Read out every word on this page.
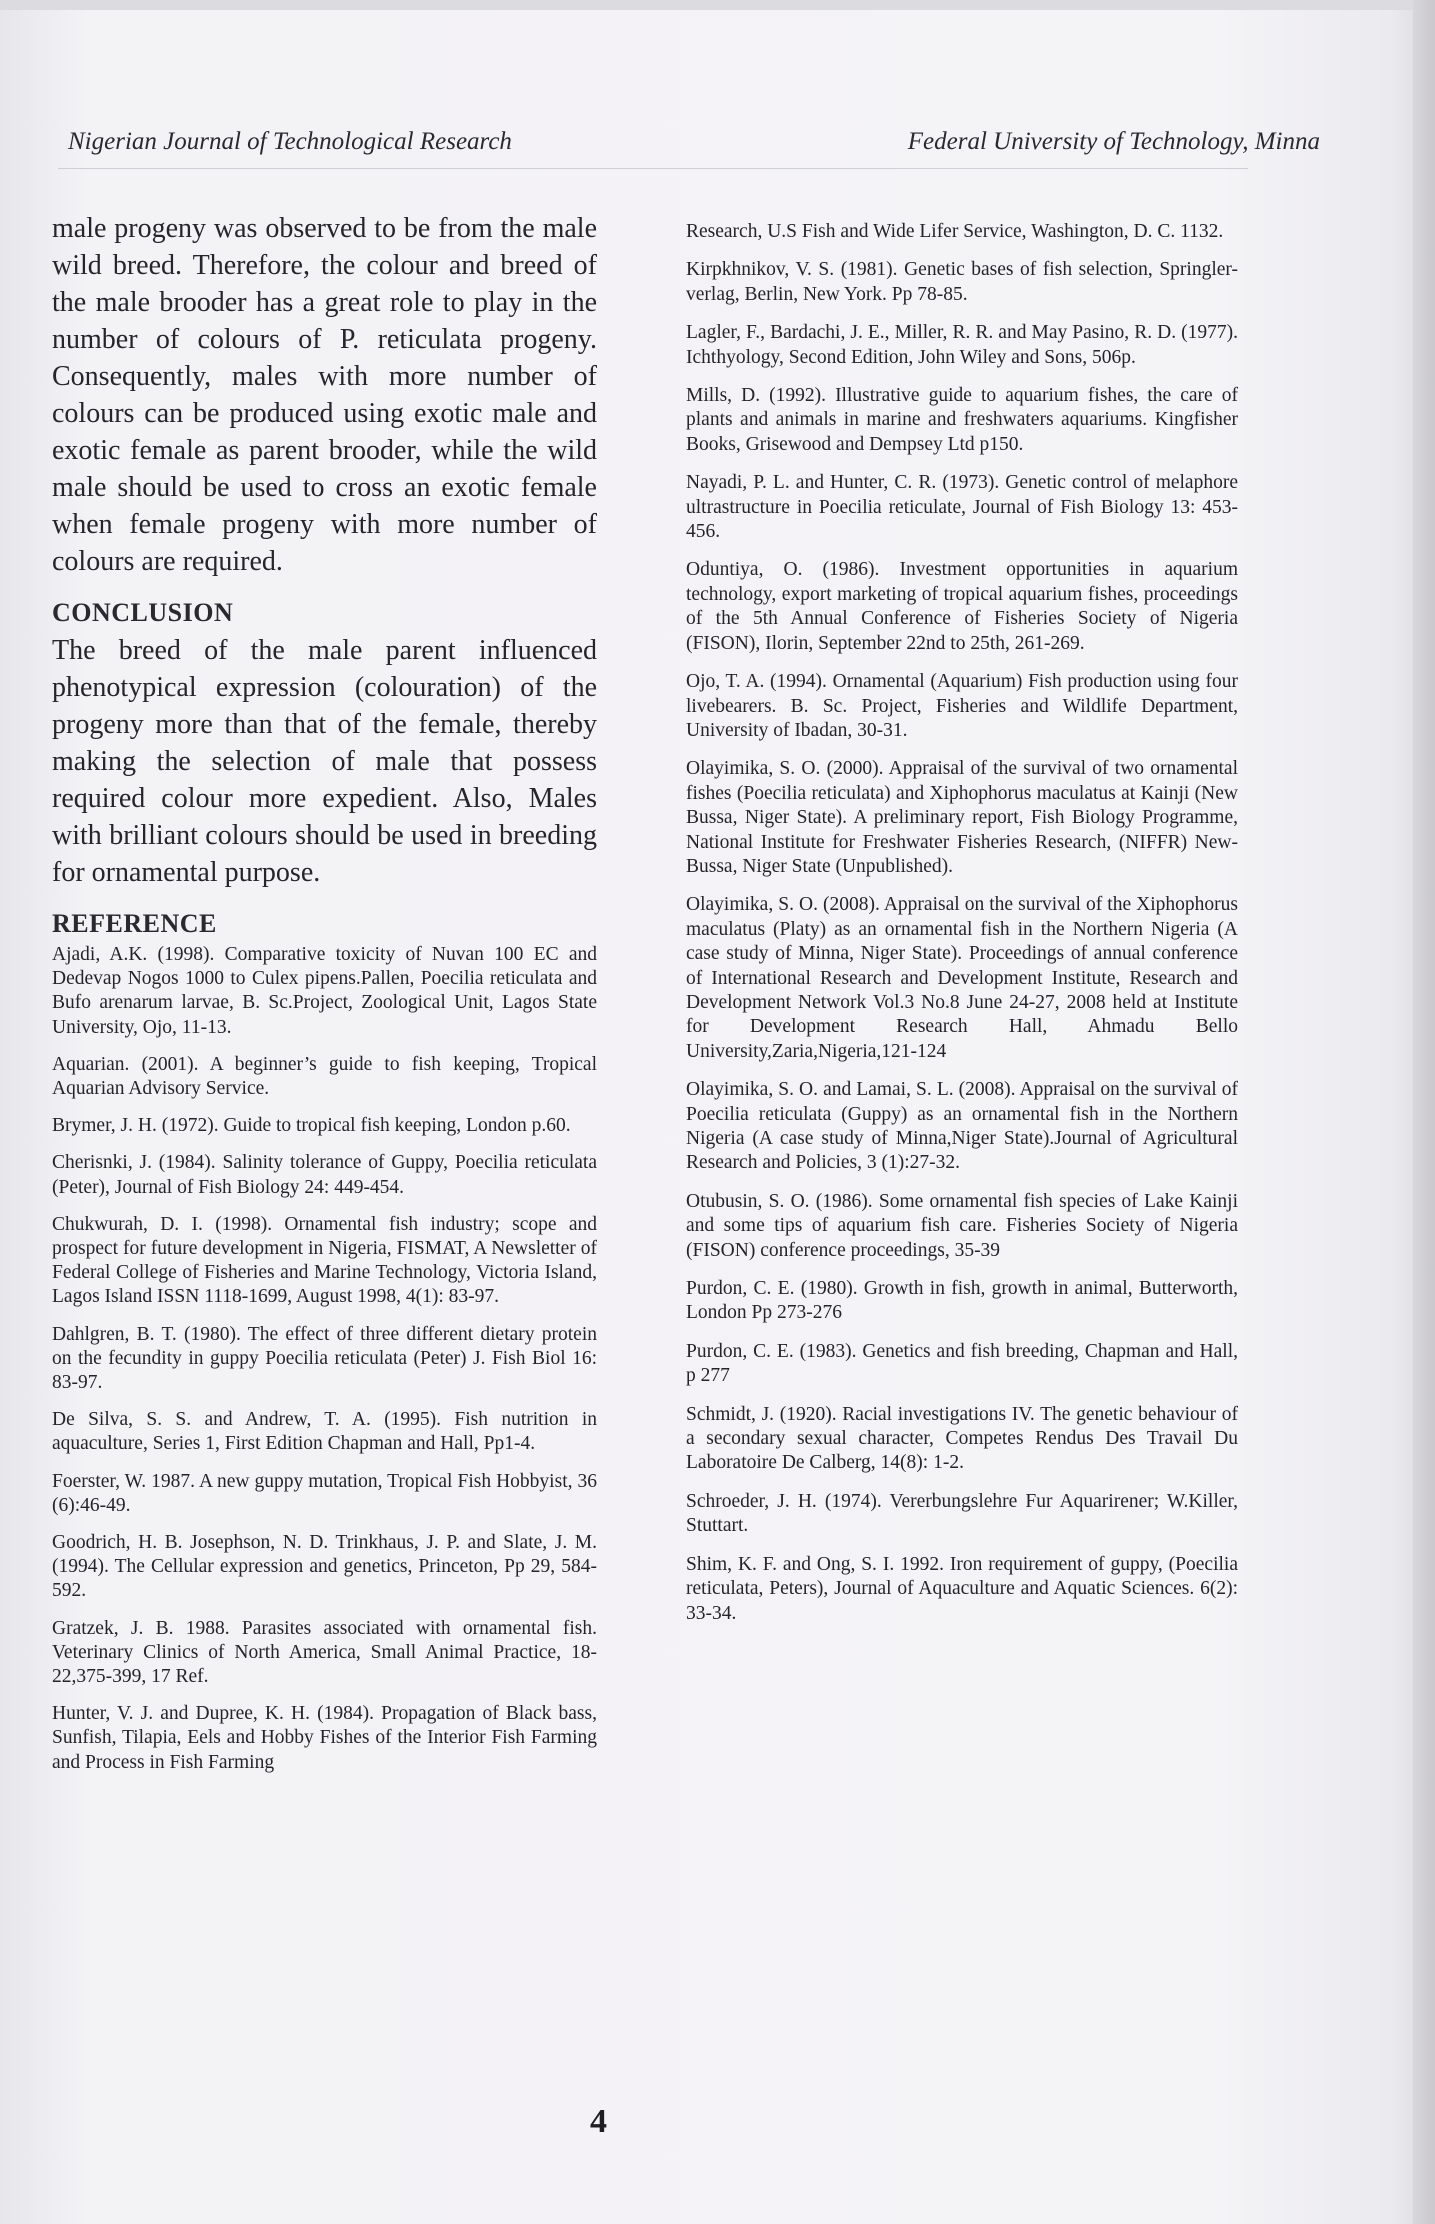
Nigerian Journal of Technological Research	Federal University of Technology, Minna

male progeny was observed to be from the male wild breed. Therefore, the colour and breed of the male brooder has a great role to play in the number of colours of P. reticulata progeny. Consequently, males with more number of colours can be produced using exotic male and exotic female as parent brooder, while the wild male should be used to cross an exotic female when female progeny with more number of colours are required.

CONCLUSION

The breed of the male parent influenced phenotypical expression (colouration) of the progeny more than that of the female, thereby making the selection of male that possess required colour more expedient. Also, Males with brilliant colours should be used in breeding for ornamental purpose.

REFERENCE

Ajadi, A.K. (1998). Comparative toxicity of Nuvan 100 EC and Dedevap Nogos 1000 to Culex pipens.Pallen, Poecilia reticulata and Bufo arenarum larvae, B. Sc.Project, Zoological Unit, Lagos State University, Ojo, 11-13.

Aquarian. (2001). A beginner’s guide to fish keeping, Tropical Aquarian Advisory Service.

Brymer, J. H. (1972). Guide to tropical fish keeping, London p.60.

Cherisnki, J. (1984). Salinity tolerance of Guppy, Poecilia reticulata (Peter), Journal of Fish Biology 24: 449-454.

Chukwurah, D. I. (1998). Ornamental fish industry; scope and prospect for future development in Nigeria, FISMAT, A Newsletter of Federal College of Fisheries and Marine Technology, Victoria Island, Lagos Island ISSN 1118-1699, August 1998, 4(1): 83-97.

Dahlgren, B. T. (1980). The effect of three different dietary protein on the fecundity in guppy Poecilia reticulata (Peter) J. Fish Biol 16: 83-97.

De Silva, S. S. and Andrew, T. A. (1995). Fish nutrition in aquaculture, Series 1, First Edition Chapman and Hall, Pp1-4.

Foerster, W. 1987. A new guppy mutation, Tropical Fish Hobbyist, 36 (6):46-49.

Goodrich, H. B. Josephson, N. D. Trinkhaus, J. P. and Slate, J. M. (1994). The Cellular expression and genetics, Princeton, Pp 29, 584-592.

Gratzek, J. B. 1988. Parasites associated with ornamental fish. Veterinary Clinics of North America, Small Animal Practice, 18-22,375-399, 17 Ref.

Hunter, V. J. and Dupree, K. H. (1984). Propagation of Black bass, Sunfish, Tilapia, Eels and Hobby Fishes of the Interior Fish Farming and Process in Fish Farming

Research, U.S Fish and Wide Lifer Service, Washington, D. C. 1132.

Kirpkhnikov, V. S. (1981). Genetic bases of fish selection, Springler-verlag, Berlin, New York. Pp 78-85.

Lagler, F., Bardachi, J. E., Miller, R. R. and May Pasino, R. D. (1977). Ichthyology, Second Edition, John Wiley and Sons, 506p.

Mills, D. (1992). Illustrative guide to aquarium fishes, the care of plants and animals in marine and freshwaters aquariums. Kingfisher Books, Grisewood and Dempsey Ltd p150.

Nayadi, P. L. and Hunter, C. R. (1973). Genetic control of melaphore ultrastructure in Poecilia reticulate, Journal of Fish Biology 13: 453-456.

Oduntiya, O. (1986). Investment opportunities in aquarium technology, export marketing of tropical aquarium fishes, proceedings of the 5th Annual Conference of Fisheries Society of Nigeria (FISON), Ilorin, September 22nd to 25th, 261-269.

Ojo, T. A. (1994). Ornamental (Aquarium) Fish production using four livebearers. B. Sc. Project, Fisheries and Wildlife Department, University of Ibadan, 30-31.

Olayimika, S. O. (2000). Appraisal of the survival of two ornamental fishes (Poecilia reticulata) and Xiphophorus maculatus at Kainji (New Bussa, Niger State). A preliminary report, Fish Biology Programme, National Institute for Freshwater Fisheries Research, (NIFFR) New-Bussa, Niger State (Unpublished).

Olayimika, S. O. (2008). Appraisal on the survival of the Xiphophorus maculatus (Platy) as an ornamental fish in the Northern Nigeria (A case study of Minna, Niger State). Proceedings of annual conference of International Research and Development Institute, Research and Development Network Vol.3 No.8 June 24-27, 2008 held at Institute for Development Research Hall, Ahmadu Bello University,Zaria,Nigeria,121-124

Olayimika, S. O. and Lamai, S. L. (2008). Appraisal on the survival of Poecilia reticulata (Guppy) as an ornamental fish in the Northern Nigeria (A case study of Minna,Niger State).Journal of Agricultural Research and Policies, 3 (1):27-32.

Otubusin, S. O. (1986). Some ornamental fish species of Lake Kainji and some tips of aquarium fish care. Fisheries Society of Nigeria (FISON) conference proceedings, 35-39

Purdon, C. E. (1980). Growth in fish, growth in animal, Butterworth, London Pp 273-276

Purdon, C. E. (1983). Genetics and fish breeding, Chapman and Hall, p 277

Schmidt, J. (1920). Racial investigations IV. The genetic behaviour of a secondary sexual character, Competes Rendus Des Travail Du Laboratoire De Calberg, 14(8): 1-2.

Schroeder, J. H. (1974). Vererbungslehre Fur Aquarirener; W.Killer, Stuttart.

Shim, K. F. and Ong, S. I. 1992. Iron requirement of guppy, (Poecilia reticulata, Peters), Journal of Aquaculture and Aquatic Sciences. 6(2): 33-34.

4
